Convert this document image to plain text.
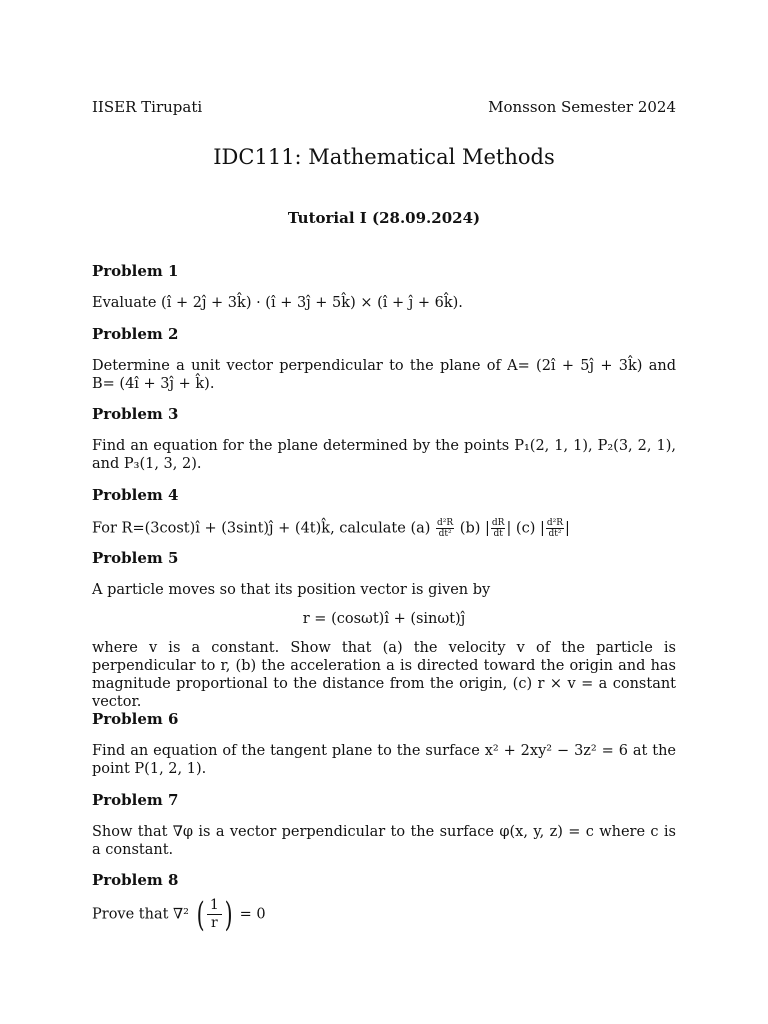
IISER Tirupati	Monsson Semester 2024
IDC111: Mathematical Methods
Tutorial I (28.09.2024)
Problem 1
Evaluate (î + 2ĵ + 3k̂) · (î + 3ĵ + 5k̂) × (î + ĵ + 6k̂).
Problem 2
Determine a unit vector perpendicular to the plane of A= (2î + 5ĵ + 3k̂) and B= (4î + 3ĵ + k̂).
Problem 3
Find an equation for the plane determined by the points P₁(2, 1, 1), P₂(3, 2, 1), and P₃(1, 3, 2).
Problem 4
For R=(3cost)î + (3sint)ĵ + (4t)k̂, calculate $(a) \frac{\text{d²R}}{\text{dt²}} (b)$ | $\frac{dR}{dt}$ | (c) | $\frac{\text{d²R}}{\text{dt²}}$ |
Problem 5
A particle moves so that its position vector is given by
r = (cosωt)î + (sinωt)ĵ
where v is a constant. Show that (a) the velocity v of the particle is perpendicular to r, (b) the acceleration a is directed toward the origin and has magnitude proportional to the distance from the origin, (c) r × v = a constant vector.
Problem 6
Find an equation of the tangent plane to the surface x² + 2xy² − 3z² = 6 at the point P(1, 2, 1).
Problem 7
Show that ∇φ is a vector perpendicular to the surface φ(x, y, z) = c where c is a constant.
Problem 8
Prove that ∇² ( $\frac{1}{r}$ ) = 0
